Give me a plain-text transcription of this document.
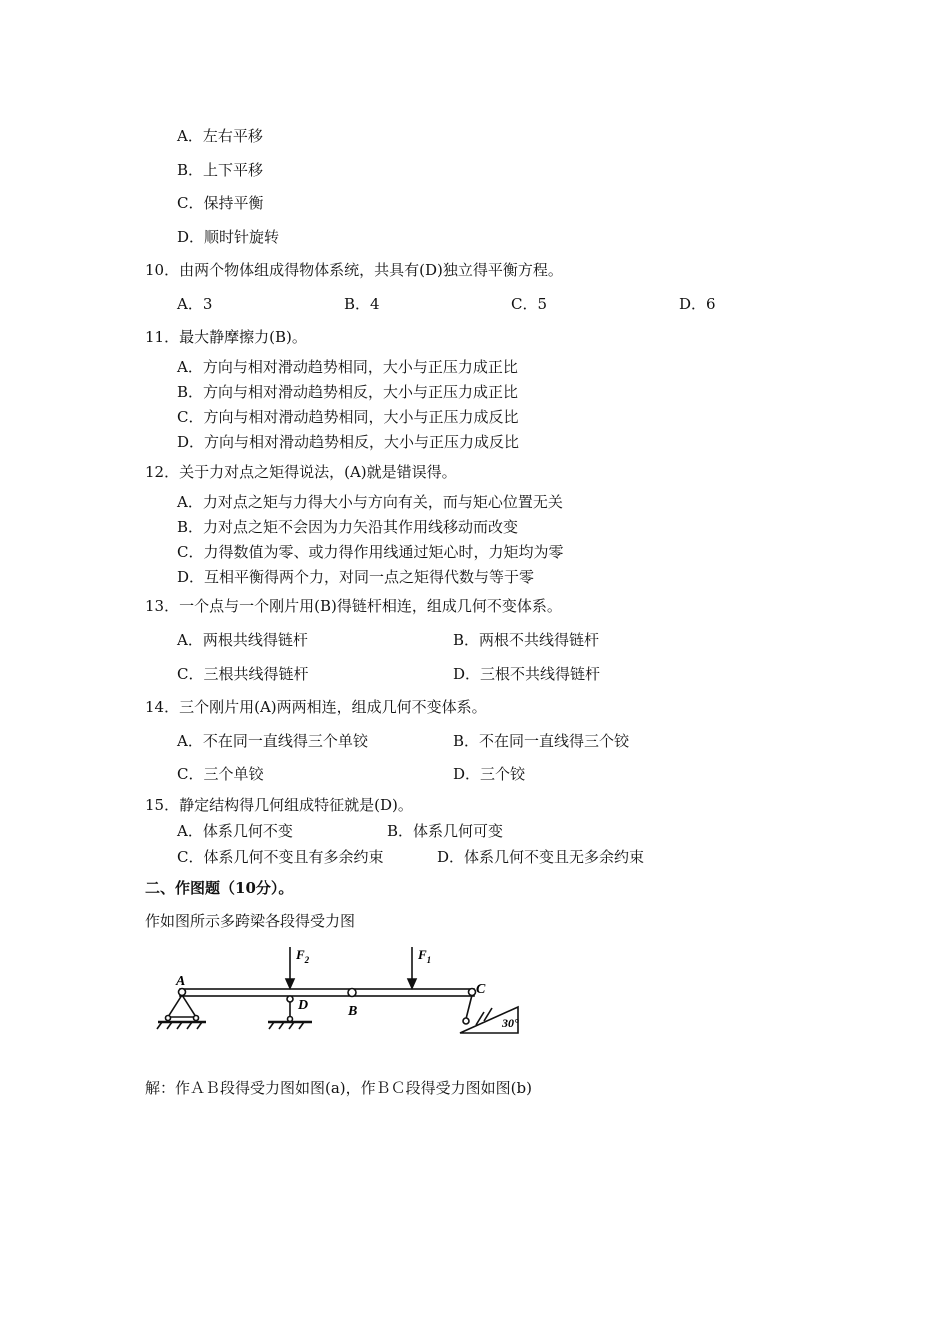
A．左右平移
B．上下平移
C．保持平衡
D．顺时针旋转
10．由两个物体组成得物体系统，共具有(D)独立得平衡方程。
A．3	B．4	C．5	D．6
11．最大静摩擦力(B)。
A．方向与相对滑动趋势相同，大小与正压力成正比
B．方向与相对滑动趋势相反，大小与正压力成正比
C．方向与相对滑动趋势相同，大小与正压力成反比
D．方向与相对滑动趋势相反，大小与正压力成反比
12．关于力对点之矩得说法，(A)就是错误得。
A．力对点之矩与力得大小与方向有关，而与矩心位置无关
B．力对点之矩不会因为力矢沿其作用线移动而改变
C．力得数值为零、或力得作用线通过矩心时，力矩均为零
D．互相平衡得两个力，对同一点之矩得代数与等于零
13．一个点与一个刚片用(B)得链杆相连，组成几何不变体系。
A．两根共线得链杆	B．两根不共线得链杆
C．三根共线得链杆	D．三根不共线得链杆
14．三个刚片用(A)两两相连，组成几何不变体系。
A．不在同一直线得三个单铰	B．不在同一直线得三个铰
C．三个单铰	D．三个铰
15．静定结构得几何组成特征就是(D)。
A．体系几何不变	B．体系几何可变
C．体系几何不变且有多余约束	D．体系几何不变且无多余约束
二、作图题（10分）。
作如图所示多跨梁各段得受力图
$F_2$	$F_1$
A
D	B
C
30°
解：作ＡＢ段得受力图如图(a)，作ＢＣ段得受力图如图(b)
